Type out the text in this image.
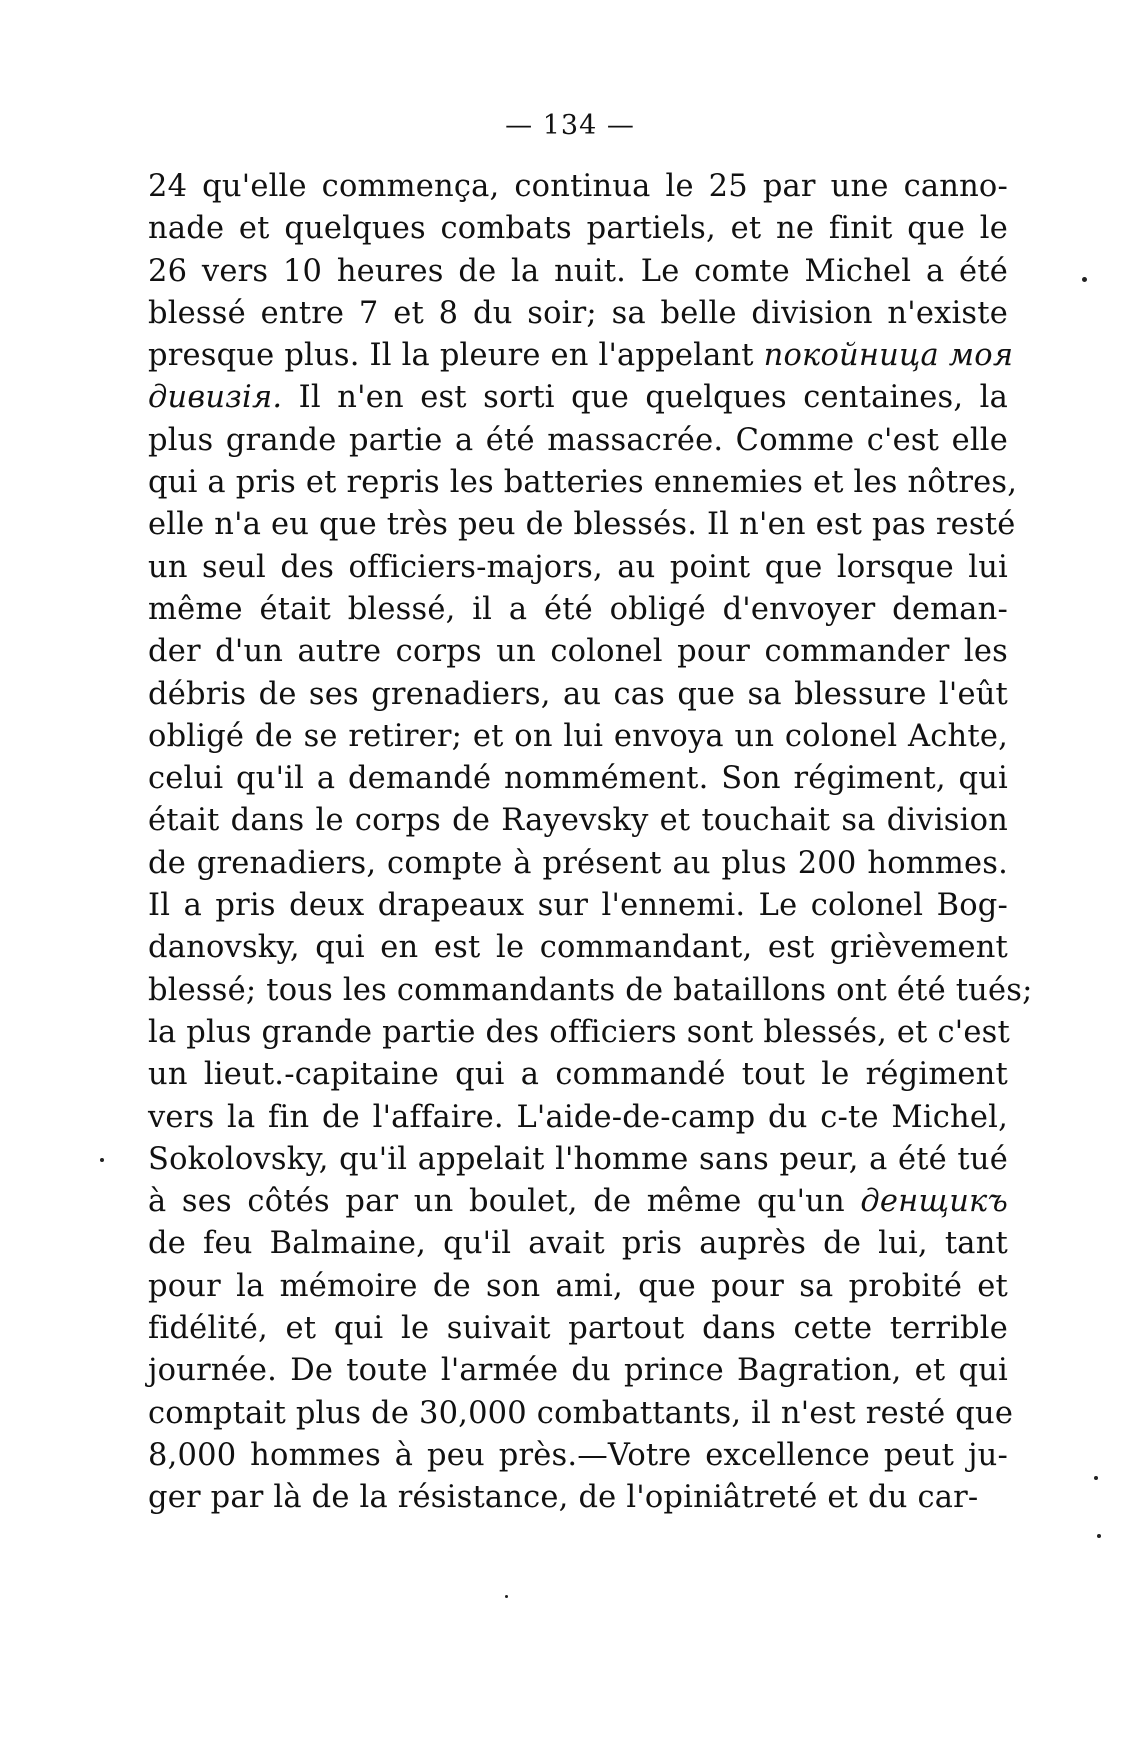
— 134 —
24 qu'elle commença, continua le 25 par une canno-
nade et quelques combats partiels, et ne finit que le
26 vers 10 heures de la nuit. Le comte Michel a été
blessé entre 7 et 8 du soir; sa belle division n'existe
presque plus. Il la pleure en l'appelant покойница моя
дивизія. Il n'en est sorti que quelques centaines, la
plus grande partie a été massacrée. Comme c'est elle
qui a pris et repris les batteries ennemies et les nôtres,
elle n'a eu que très peu de blessés. Il n'en est pas resté
un seul des officiers-majors, au point que lorsque lui
même était blessé, il a été obligé d'envoyer deman-
der d'un autre corps un colonel pour commander les
débris de ses grenadiers, au cas que sa blessure l'eût
obligé de se retirer; et on lui envoya un colonel Achte,
celui qu'il a demandé nommément. Son régiment, qui
était dans le corps de Rayevsky et touchait sa division
de grenadiers, compte à présent au plus 200 hommes.
Il a pris deux drapeaux sur l'ennemi. Le colonel Bog-
danovsky, qui en est le commandant, est grièvement
blessé; tous les commandants de bataillons ont été tués;
la plus grande partie des officiers sont blessés, et c'est
un lieut.-capitaine qui a commandé tout le régiment
vers la fin de l'affaire. L'aide-de-camp du c-te Michel,
Sokolovsky, qu'il appelait l'homme sans peur, a été tué
à ses côtés par un boulet, de même qu'un денщикъ
de feu Balmaine, qu'il avait pris auprès de lui, tant
pour la mémoire de son ami, que pour sa probité et
fidélité, et qui le suivait partout dans cette terrible
journée. De toute l'armée du prince Bagration, et qui
comptait plus de 30,000 combattants, il n'est resté que
8,000 hommes à peu près.—Votre excellence peut ju-
ger par là de la résistance, de l'opiniâtreté et du car-
